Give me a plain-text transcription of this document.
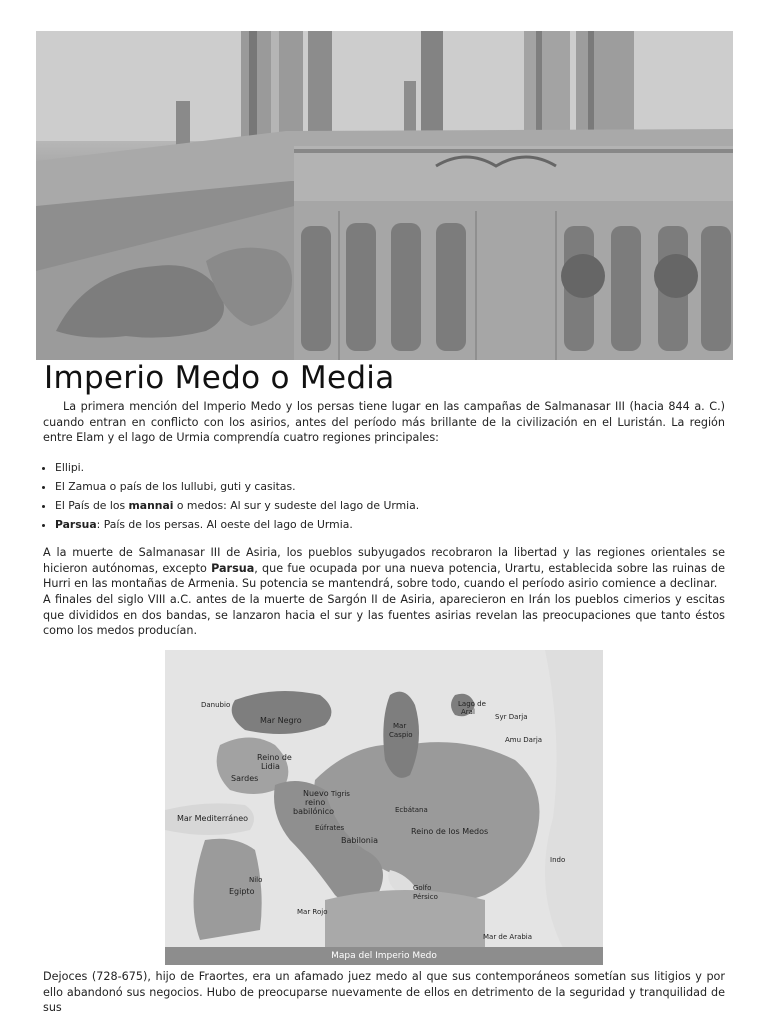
Imperio Medo o Media

La primera mención del Imperio Medo y los persas tiene lugar en las campañas de Salmanasar III (hacia 844 a. C.) cuando entran en conflicto con los asirios, antes del período más brillante de la civilización en el Luristán. La región entre Elam y el lago de Urmia comprendía cuatro regiones principales:

• Ellipi.
• El Zamua o país de los lullubi, guti y casitas.
• El País de los mannai o medos: Al sur y sudeste del lago de Urmia.
• Parsua: País de los persas. Al oeste del lago de Urmia.

A la muerte de Salmanasar III de Asiria, los pueblos subyugados recobraron la libertad y las regiones orientales se hicieron autónomas, excepto Parsua, que fue ocupada por una nueva potencia, Urartu, establecida sobre las ruinas de Hurri en las montañas de Armenia. Su potencia se mantendrá, sobre todo, cuando el período asirio comience a declinar.

A finales del siglo VIII a.C. antes de la muerte de Sargón II de Asiria, aparecieron en Irán los pueblos cimerios y escitas que divididos en dos bandas, se lanzaron hacia el sur y las fuentes asirias revelan las preocupaciones que tanto éstos como los medos producían.

Danubio
Mar Negro
Mar
Caspio
Lago de
Aral
Syr Darja
Amu Darja
Reino de
Lidia
Sardes
Nuevo
reino
babilónico
Tigris
Ecbátana
Reino de los Medos
Mar Mediterráneo
Eúfrates
Babilonia
Indo
Nilo
Egipto	Golfo
Pérsico
Mar Rojo
Mar de Arabia
Mapa del Imperio Medo

Dejoces (728-675), hijo de Fraortes, era un afamado juez medo al que sus contemporáneos sometían sus litigios y por ello abandonó sus negocios. Hubo de preocuparse nuevamente de ellos en detrimento de la seguridad y tranquilidad de sus
